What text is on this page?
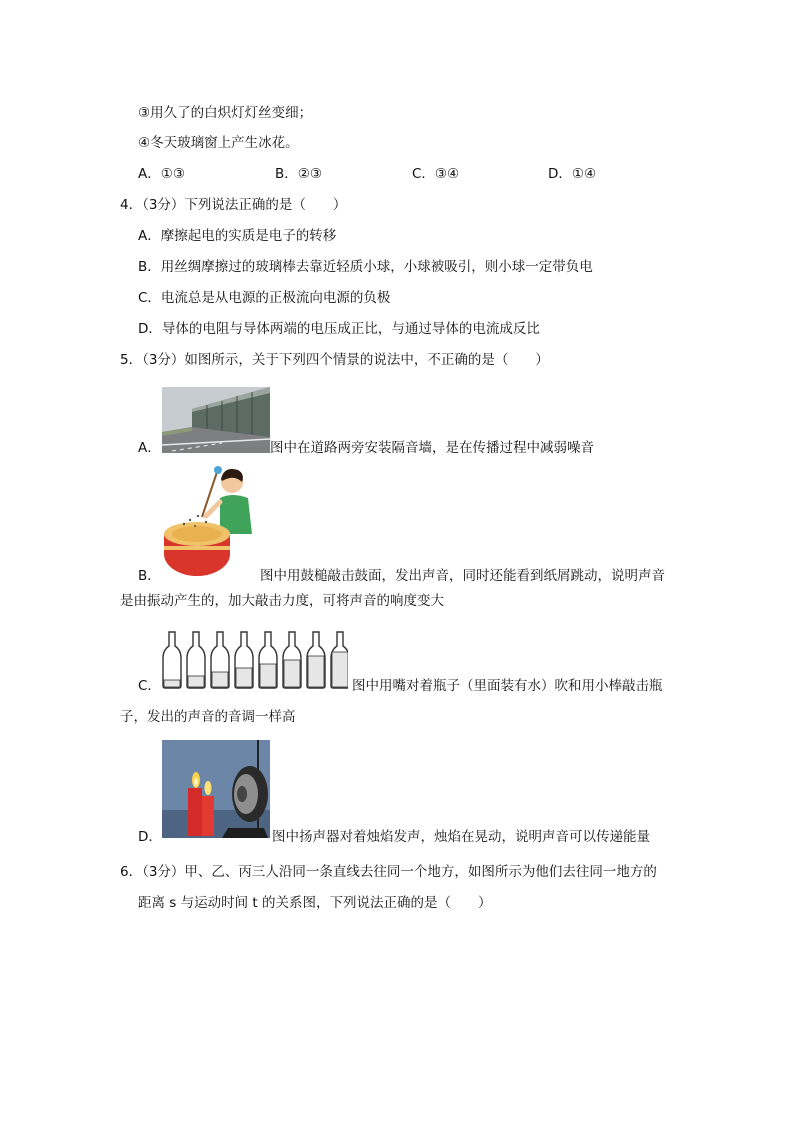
③用久了的白炽灯灯丝变细；
④冬天玻璃窗上产生冰花。
A．①③	B．②③	C．③④	D．①④
4．（3分）下列说法正确的是（　　）
A．摩擦起电的实质是电子的转移
B．用丝绸摩擦过的玻璃棒去靠近轻质小球，小球被吸引，则小球一定带负电
C．电流总是从电源的正极流向电源的负极
D．导体的电阻与导体两端的电压成正比，与通过导体的电流成反比
5．（3分）如图所示，关于下列四个情景的说法中，不正确的是（　　）
A．	图中在道路两旁安装隔音墙，是在传播过程中减弱噪音
B．	图中用鼓槌敲击鼓面，发出声音，同时还能看到纸屑跳动，说明声音
是由振动产生的，加大敲击力度，可将声音的响度变大
C．	图中用嘴对着瓶子（里面装有水）吹和用小棒敲击瓶
子，发出的声音的音调一样高
D．	图中扬声器对着烛焰发声，烛焰在晃动，说明声音可以传递能量
6．（3分）甲、乙、丙三人沿同一条直线去往同一个地方，如图所示为他们去往同一地方的
距离 s 与运动时间 t 的关系图，下列说法正确的是（　　）
